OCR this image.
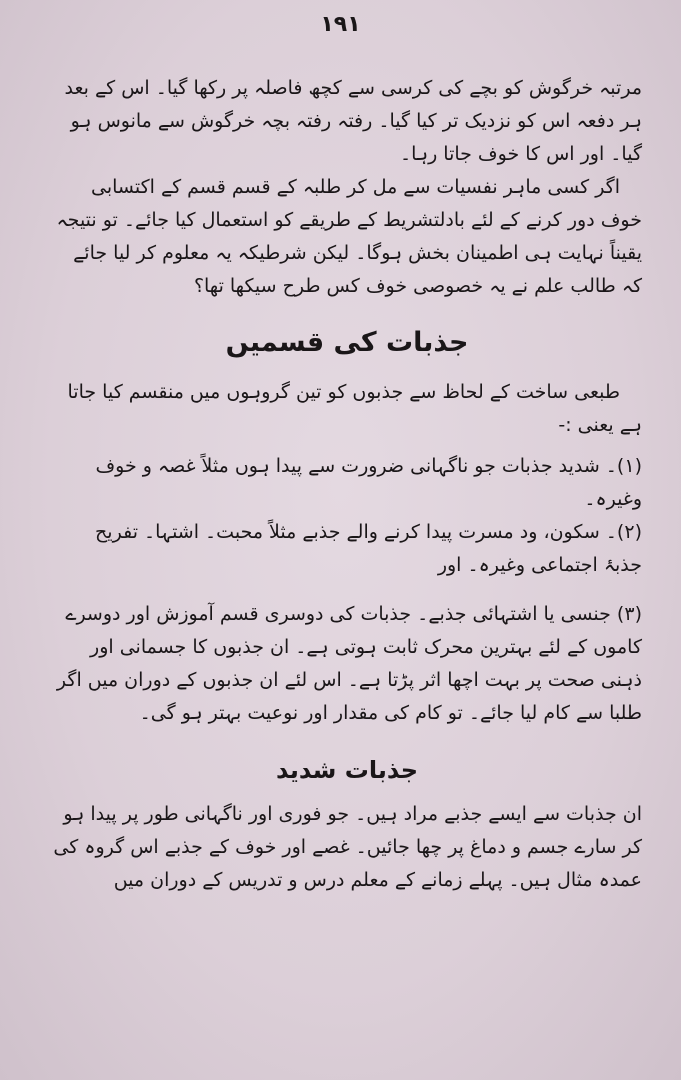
۱۹۱

مرتبہ خرگوش کو بچے کی کرسی سے کچھ فاصلہ پر رکھا گیا۔ اس کے بعد ہر دفعہ اس کو نزدیک تر کیا گیا۔ رفتہ رفتہ بچہ خرگوش سے مانوس ہو گیا۔ اور اس کا خوف جاتا رہا۔

اگر کسی ماہر نفسیات سے مل کر طلبہ کے قسم قسم کے اکتسابی خوف دور کرنے کے لئے بادلتشریط کے طریقے کو استعمال کیا جائے۔ تو نتیجہ یقیناً نہایت ہی اطمینان بخش ہوگا۔ لیکن شرطیکہ یہ معلوم کر لیا جائے کہ طالب علم نے یہ خصوصی خوف کس طرح سیکھا تھا؟

جذبات کی قسمیں

طبعی ساخت کے لحاظ سے جذبوں کو تین گروہوں میں منقسم کیا جاتا ہے یعنی :-

(۱)۔ شدید جذبات جو ناگہانی ضرورت سے پیدا ہوں مثلاً غصہ و خوف وغیرہ۔

(۲)۔ سکون، ود مسرت پیدا کرنے والے جذبے مثلاً محبت۔ اشتہا۔ تفریح جذبۂ اجتماعی وغیرہ۔ اور

(۳) جنسی یا اشتہائی جذبے۔ جذبات کی دوسری قسم آموزش اور دوسرے کاموں کے لئے بہترین محرک ثابت ہوتی ہے۔ ان جذبوں کا جسمانی اور ذہنی صحت پر بہت اچھا اثر پڑتا ہے۔ اس لئے ان جذبوں کے دوران میں اگر طلبا سے کام لیا جائے۔ تو کام کی مقدار اور نوعیت بہتر ہو گی۔

جذبات شدید

ان جذبات سے ایسے جذبے مراد ہیں۔ جو فوری اور ناگہانی طور پر پیدا ہو کر سارے جسم و دماغ پر چھا جائیں۔ غصے اور خوف کے جذبے اس گروہ کی عمدہ مثال ہیں۔ پہلے زمانے کے معلم درس و تدریس کے دوران میں
